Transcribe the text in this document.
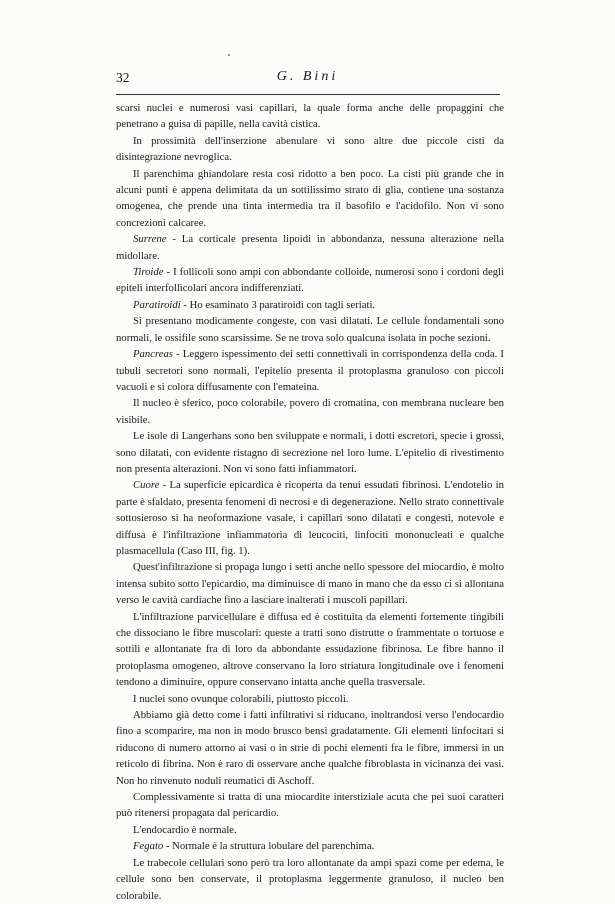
32	G. Bini

scarsi nuclei e numerosi vasi capillari, la quale forma anche delle propaggini che penetrano a guisa di papille, nella cavità cistica.

In prossimità dell'inserzione abenulare vi sono altre due piccole cisti da disintegrazione nevroglica.

Il parenchima ghiandolare resta così ridotto a ben poco. La cisti più grande che in alcuni punti è appena delimitata da un sottilissimo strato di glia, contiene una sostanza omogenea, che prende una tinta intermedia tra il basofilo e l'acidofilo. Non vi sono concrezioni calcaree.

Surrene - La corticale presenta lipoidi in abbondanza, nessuna alterazione nella midollare.

Tiroide - I follicoli sono ampi con abbondante colloide, numerosi sono i cordoni degli epiteli interfollicolari ancora indifferenziati.

Paratiroidi - Ho esaminato 3 paratiroidi con tagli seriati.

Si presentano modicamente congeste, con vasi dilatati. Le cellule fondamentali sono normali, le ossifile sono scarsissime. Se ne trova solo qualcuna isolata in poche sezioni.

Pancreas - Leggero ispessimento dei setti connettivali in corrispondenza della coda. I tubuli secretori sono normali, l'epitelio presenta il protoplasma granuloso con piccoli vacuoli e si colora diffusamente con l'emateina.

Il nucleo è sferico, poco colorabile, povero di cromatina, con membrana nucleare ben visibile.

Le isole di Langerhans sono ben sviluppate e normali, i dotti escretori, specie i grossi, sono dilatati, con evidente ristagno di secrezione nel loro lume. L'epitelio di rivestimento non presenta alterazioni. Non vi sono fatti infiammatori.

Cuore - La superficie epicardica è ricoperta da tenui essudati fibrinosi. L'endotelio in parte è sfaldato, presenta fenomeni di necrosi e di degenerazione. Nello strato connettivale sottosieroso si ha neoformazione vasale, i capillari sono dilatati e congesti, notevole e diffusa è l'infiltrazione infiammatoria di leucociti, linfociti mononucleati e qualche plasmacellula (Caso III, fig. 1).

Quest'infiltrazione si propaga lungo i setti anche nello spessore del miocardio, è molto intensa subito sotto l'epicardio, ma diminuisce di mano in mano che da esso ci si allontana verso le cavità cardiache fino a lasciare inalterati i muscoli papillari.

L'infiltrazione parvicellulare è diffusa ed è costituita da elementi fortemente tingibili che dissociano le fibre muscolari: queste a tratti sono distrutte o frammentate o tortuose e sottili e allontanate fra di loro da abbondante essudazione fibrinosa. Le fibre hanno il protoplasma omogeneo, altrove conservano la loro striatura longitudinale ove i fenomeni tendono a diminuire, oppure conservano intatta anche quella trasversale.

I nuclei sono ovunque colorabili, piuttosto piccoli.

Abbiamo già detto come i fatti infiltrativi si riducano, inoltrandosi verso l'endocardio fino a scomparire, ma non in modo brusco bensì gradatamente. Gli elementi linfocitari si riducono di numero attorno ai vasi o in strie di pochi elementi fra le fibre, immersi in un reticolo di fibrina. Non è raro di osservare anche qualche fibroblasta in vicinanza dei vasi. Non ho rinvenuto noduli reumatici di Aschoff.

Complessivamente si tratta di una miocardite interstiziale acuta che pei suoi caratteri può ritenersi propagata dal pericardio.

L'endocardio è normale.

Fegato - Normale è la struttura lobulare del parenchima.

Le trabecole cellulari sono però tra loro allontanate da ampi spazi come per edema, le cellule sono ben conservate, il protoplasma leggermente granuloso, il nucleo ben colorabile.
